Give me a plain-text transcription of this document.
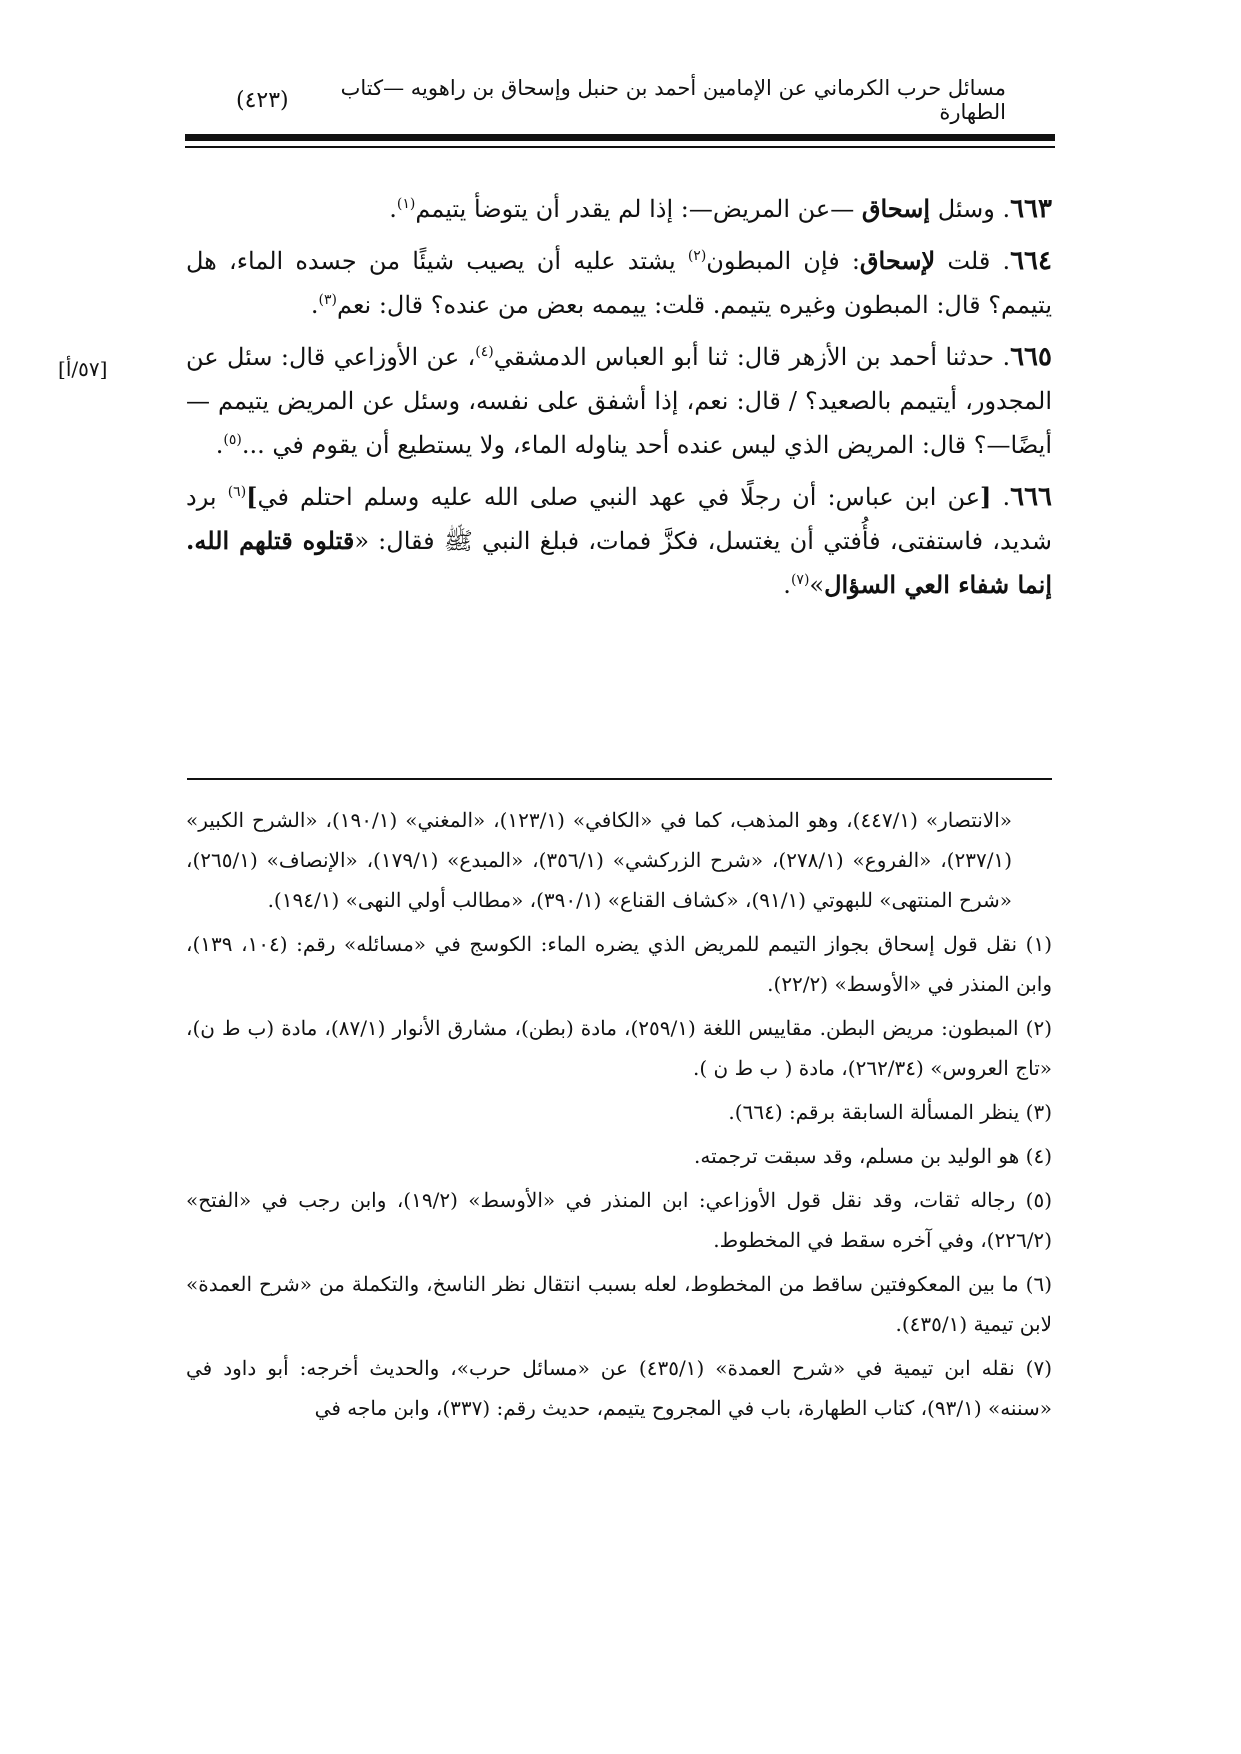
مسائل حرب الكرماني عن الإمامين أحمد بن حنبل وإسحاق بن راهويه —كتاب الطهارة
(٤٢٣)
[٥٧/أ]

٦٦٣. وسئل إسحاق —عن المريض—: إذا لم يقدر أن يتوضأ يتيمم$^{(١)}$.

٦٦٤. قلت لإسحاق: فإن المبطون$^{(٢)}$ يشتد عليه أن يصيب شيئًا من جسده الماء، هل يتيمم؟ قال: المبطون وغيره يتيمم. قلت: ييممه بعض من عنده؟ قال: نعم$^{(٣)}$.

٦٦٥. حدثنا أحمد بن الأزهر قال: ثنا أبو العباس الدمشقي$^{(٤)}$، عن الأوزاعي قال: سئل عن المجدور، أيتيمم بالصعيد؟ / قال: نعم، إذا أشفق على نفسه، وسئل عن المريض يتيمم —أيضًا—؟ قال: المريض الذي ليس عنده أحد يناوله الماء، ولا يستطيع أن يقوم في ...$^{(٥)}$.

٦٦٦. [عن ابن عباس: أن رجلًا في عهد النبي صلى الله عليه وسلم احتلم في]$^{(٦)}$ برد شديد، فاستفتى، فأُفتي أن يغتسل، فكزَّ فمات، فبلغ النبي ﷺ فقال: «قتلوه قتلهم الله. إنما شفاء العي السؤال»$^{(٧)}$.

«الانتصار» (٤٤٧/١)، وهو المذهب، كما في «الكافي» (١٢٣/١)، «المغني» (١٩٠/١)، «الشرح الكبير» (٢٣٧/١)، «الفروع» (٢٧٨/١)، «شرح الزركشي» (٣٥٦/١)، «المبدع» (١٧٩/١)، «الإنصاف» (٢٦٥/١)، «شرح المنتهى» للبهوتي (٩١/١)، «كشاف القناع» (٣٩٠/١)، «مطالب أولي النهى» (١٩٤/١).

(١) نقل قول إسحاق بجواز التيمم للمريض الذي يضره الماء: الكوسج في «مسائله» رقم: (١٠٤، ١٣٩)، وابن المنذر في «الأوسط» (٢٢/٢).

(٢) المبطون: مريض البطن. مقاييس اللغة (٢٥٩/١)، مادة (بطن)، مشارق الأنوار (٨٧/١)، مادة (ب ط ن)، «تاج العروس» (٢٦٢/٣٤)، مادة ( ب ط ن ).

(٣) ينظر المسألة السابقة برقم: (٦٦٤).

(٤) هو الوليد بن مسلم، وقد سبقت ترجمته.

(٥) رجاله ثقات، وقد نقل قول الأوزاعي: ابن المنذر في «الأوسط» (١٩/٢)، وابن رجب في «الفتح» (٢٢٦/٢)، وفي آخره سقط في المخطوط.

(٦) ما بين المعكوفتين ساقط من المخطوط، لعله بسبب انتقال نظر الناسخ، والتكملة من «شرح العمدة» لابن تيمية (٤٣٥/١).

(٧) نقله ابن تيمية في «شرح العمدة» (٤٣٥/١) عن «مسائل حرب»، والحديث أخرجه: أبو داود في «سننه» (٩٣/١)، كتاب الطهارة، باب في المجروح يتيمم، حديث رقم: (٣٣٧)، وابن ماجه في
